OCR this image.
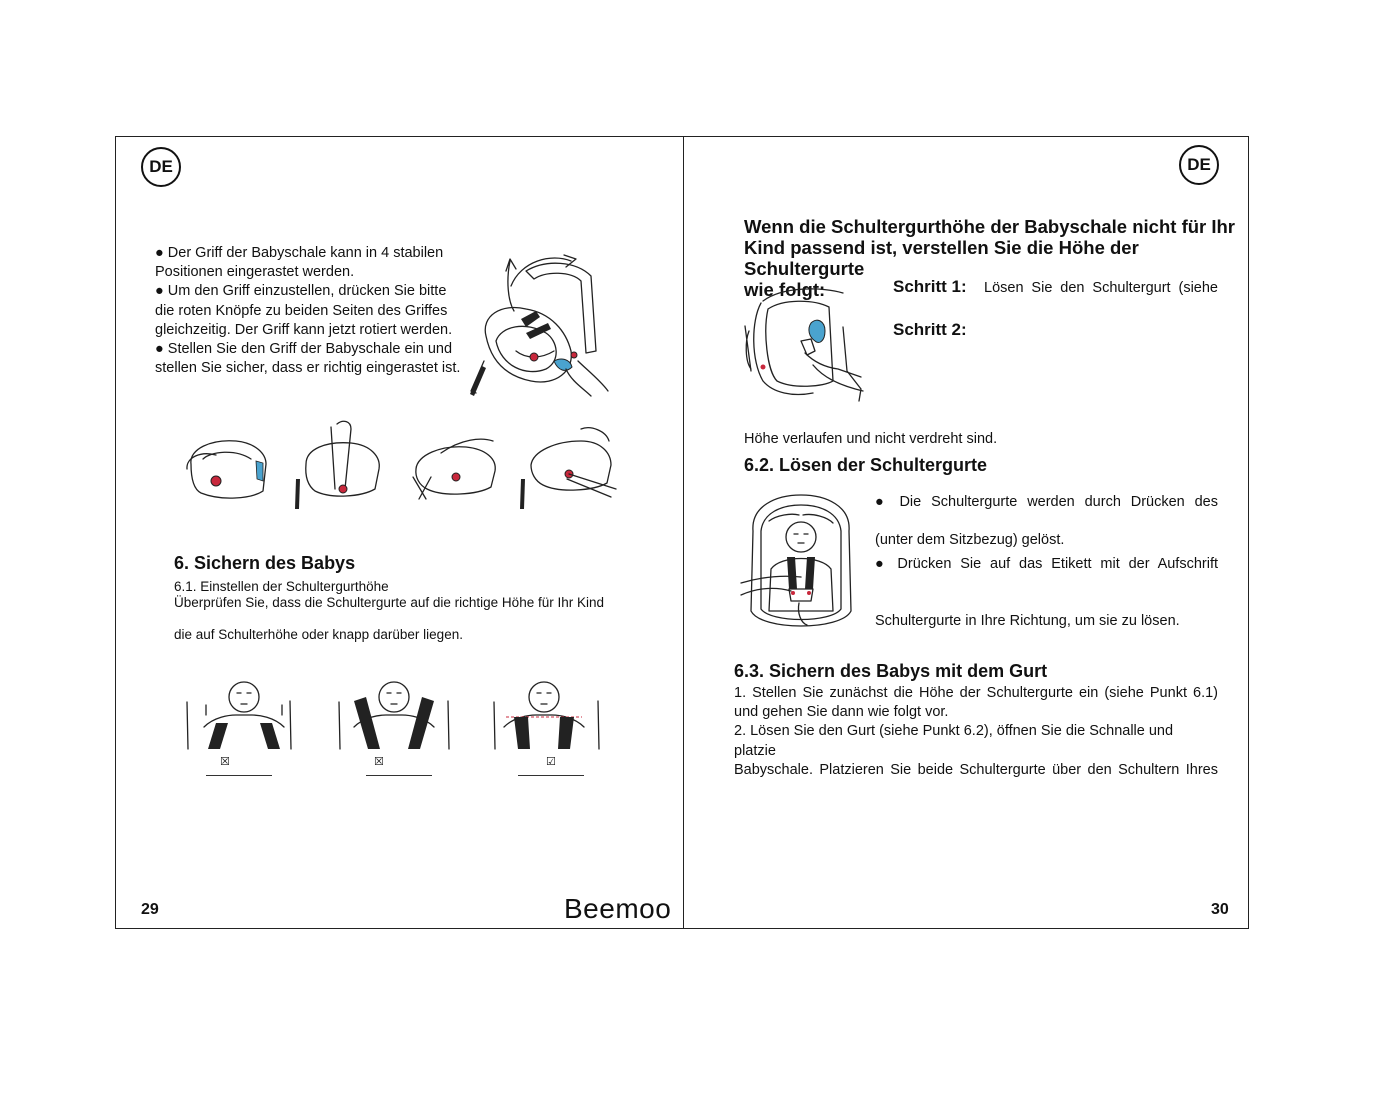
DE
● Der Griff der Babyschale kann in 4 stabilen
Positionen eingerastet werden.
● Um den Griff einzustellen, drücken Sie bitte
die roten Knöpfe zu beiden Seiten des Griffes
gleichzeitig. Der Griff kann jetzt rotiert werden.
● Stellen Sie den Griff der Babyschale ein und
stellen Sie sicher, dass er richtig eingerastet ist.
6. Sichern des Babys
6.1. Einstellen der Schultergurthöhe
Überprüfen Sie, dass die Schultergurte auf die richtige Höhe für Ihr Kind
die auf Schulterhöhe oder knapp darüber liegen.
☒	☒	☑
29	Beemoo
DE
Wenn die Schultergurthöhe der Babyschale nicht für Ihr
Kind passend ist, verstellen Sie die Höhe der Schultergurte
wie folgt:	Schritt 1: Lösen Sie den Schultergurt (siehe
Schritt 2:
Höhe verlaufen und nicht verdreht sind.
6.2. Lösen der Schultergurte
● Die Schultergurte werden durch Drücken des
(unter dem Sitzbezug) gelöst.
● Drücken Sie auf das Etikett mit der Aufschrift
Schultergurte in Ihre Richtung, um sie zu lösen.
6.3. Sichern des Babys mit dem Gurt
1. Stellen Sie zunächst die Höhe der Schultergurte ein (siehe Punkt 6.1)
und gehen Sie dann wie folgt vor.
2. Lösen Sie den Gurt (siehe Punkt 6.2), öffnen Sie die Schnalle und platzie
Babyschale. Platzieren Sie beide Schultergurte über den Schultern Ihres
30
